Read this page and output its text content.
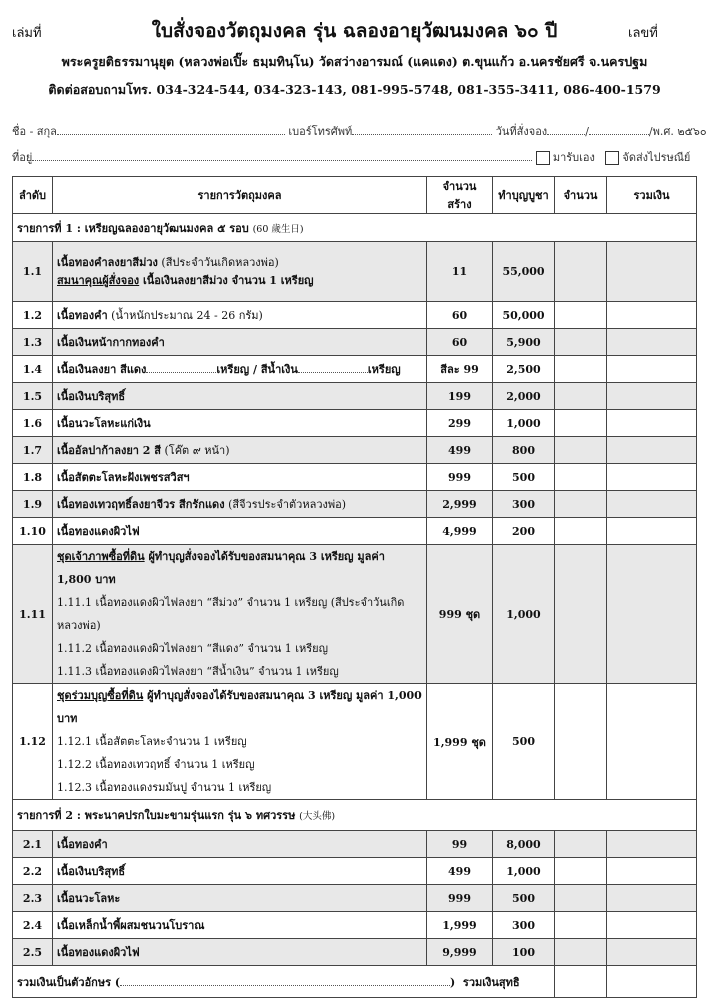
เล่มที่	เลขที่
ใบสั่งจองวัตถุมงคล รุ่น ฉลองอายุวัฒนมงคล ๖๐ ปี
พระครูยติธรรมานุยุต (หลวงพ่อเปิ๊ะ ธมฺมทินฺโน) วัดสว่างอารมณ์ (แคแดง) ต.ขุนแก้ว อ.นครชัยศรี จ.นครปฐม
ติดต่อสอบถามโทร. 034-324-544, 034-323-143, 081-995-5748, 081-355-3411, 086-400-1579
ชื่อ - สกุล	เบอร์โทรศัพท์	วันที่สั่งจอง	/	/พ.ศ. ๒๕๖๐
ที่อยู่	มารับเอง	จัดส่งไปรษณีย์
ลำดับ	รายการวัตถุมงคล	จำนวนสร้าง	ทำบุญบูชา	จำนวน	รวมเงิน
รายการที่ 1 : เหรียญฉลองอายุวัฒนมงคล ๕ รอบ (60 歲生日)					
1.1	เนื้อทองคำลงยาสีม่วง (สีประจำวันเกิดหลวงพ่อ)
สมนาคุณผู้สั่งจอง เนื้อเงินลงยาสีม่วง จำนวน 1 เหรียญ	11	55,000		
1.2	เนื้อทองคำ (น้ำหนักประมาณ 24 - 26 กรัม)	60	50,000		
1.3	เนื้อเงินหน้ากากทองคำ	60	5,900		
1.4	เนื้อเงินลงยา สีแดง เหรียญ / สีน้ำเงิน เหรียญ	สีละ 99	2,500		
1.5	เนื้อเงินบริสุทธิ์	199	2,000		
1.6	เนื้อนวะโลหะแก่เงิน	299	1,000		
1.7	เนื้ออัลปาก้าลงยา 2 สี (โค๊ต ๙ หน้า)	499	800		
1.8	เนื้อสัตตะโลหะฝังเพชรสวิสฯ	999	500		
1.9	เนื้อทองเทวฤทธิ์ลงยาจีวร สีกรักแดง (สีจีวรประจำตัวหลวงพ่อ)	2,999	300		
1.10	เนื้อทองแดงผิวไฟ	4,999	200		
1.11	ชุดเจ้าภาพซื้อที่ดิน ผู้ทำบุญสั่งจองได้รับของสมนาคุณ 3 เหรียญ มูลค่า 1,800 บาท
1.11.1 เนื้อทองแดงผิวไฟลงยา “สีม่วง” จำนวน 1 เหรียญ (สีประจำวันเกิดหลวงพ่อ)
1.11.2 เนื้อทองแดงผิวไฟลงยา “สีแดง” จำนวน 1 เหรียญ
1.11.3 เนื้อทองแดงผิวไฟลงยา “สีน้ำเงิน” จำนวน 1 เหรียญ	999 ชุด	1,000		
1.12	ชุดร่วมบุญซื้อที่ดิน ผู้ทำบุญสั่งจองได้รับของสมนาคุณ 3 เหรียญ มูลค่า 1,000 บาท
1.12.1 เนื้อสัตตะโลหะจำนวน 1 เหรียญ
1.12.2 เนื้อทองเทวฤทธิ์ จำนวน 1 เหรียญ
1.12.3 เนื้อทองแดงรมมันปู จำนวน 1 เหรียญ	1,999 ชุด	500		
รายการที่ 2 : พระนาคปรกใบมะขามรุ่นแรก รุ่น ๖ ทศวรรษ (大头佛)					
2.1	เนื้อทองคำ	99	8,000		
2.2	เนื้อเงินบริสุทธิ์	499	1,000		
2.3	เนื้อนวะโลหะ	999	500		
2.4	เนื้อเหล็กน้ำพี้ผสมชนวนโบราณ	1,999	300		
2.5	เนื้อทองแดงผิวไฟ	9,999	100		
รวมเงินเป็นตัวอักษร ( ) รวมเงินสุทธิ					
